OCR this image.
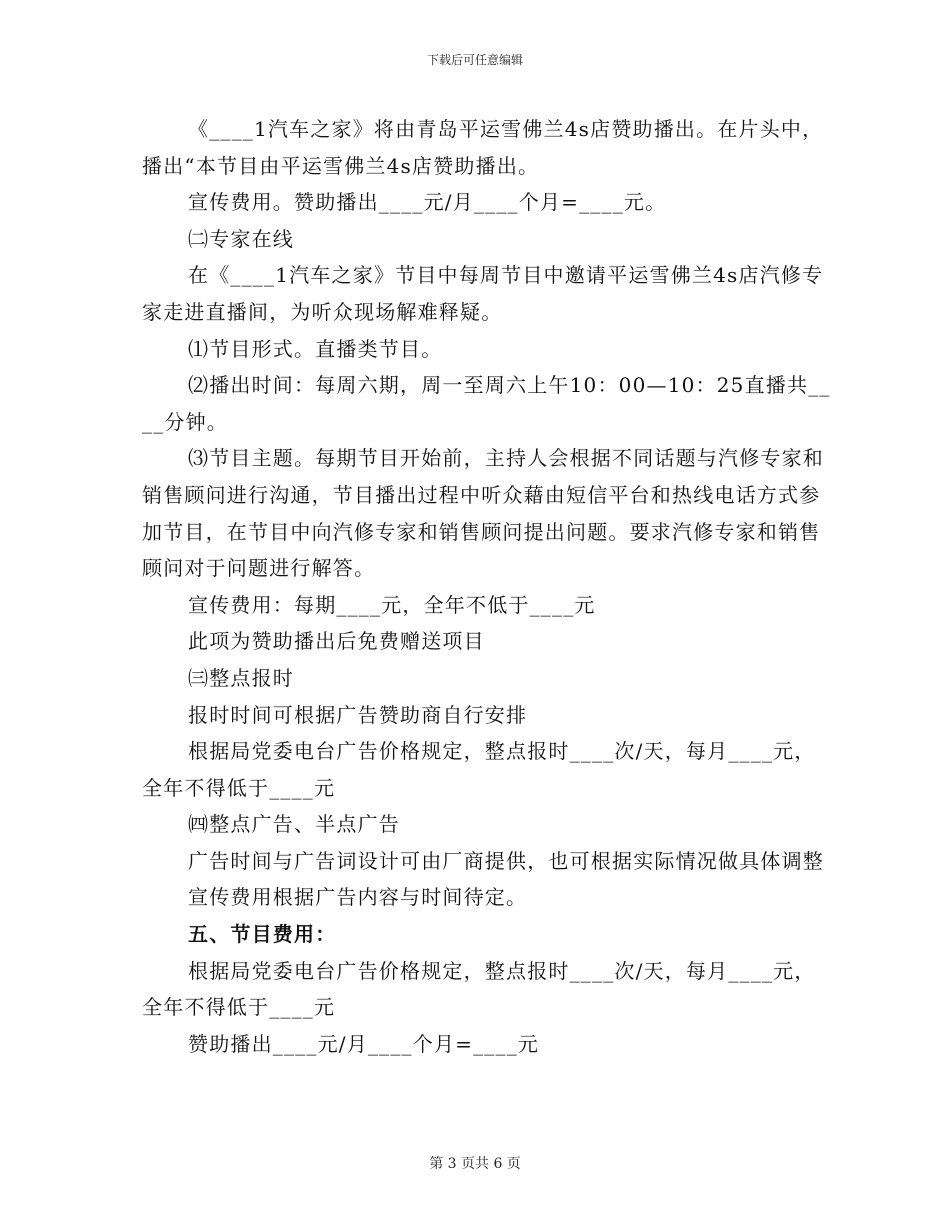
下载后可任意编辑

《____1汽车之家》将由青岛平运雪佛兰4s店赞助播出。在片头中，播出“本节目由平运雪佛兰4s店赞助播出。

宣传费用。赞助播出____元/月____个月=____元。

㈡专家在线

在《____1汽车之家》节目中每周节目中邀请平运雪佛兰4s店汽修专家走进直播间，为听众现场解难释疑。

⑴节目形式。直播类节目。

⑵播出时间：每周六期，周一至周六上午10：00—10：25直播共____分钟。

⑶节目主题。每期节目开始前，主持人会根据不同话题与汽修专家和销售顾问进行沟通，节目播出过程中听众藉由短信平台和热线电话方式参加节目，在节目中向汽修专家和销售顾问提出问题。要求汽修专家和销售顾问对于问题进行解答。

宣传费用：每期____元，全年不低于____元

此项为赞助播出后免费赠送项目

㈢整点报时

报时时间可根据广告赞助商自行安排

根据局党委电台广告价格规定，整点报时____次/天，每月____元，全年不得低于____元

㈣整点广告、半点广告

广告时间与广告词设计可由厂商提供，也可根据实际情况做具体调整

宣传费用根据广告内容与时间待定。

五、节目费用：

根据局党委电台广告价格规定，整点报时____次/天，每月____元，全年不得低于____元

赞助播出____元/月____个月=____元

第 3 页共 6 页
